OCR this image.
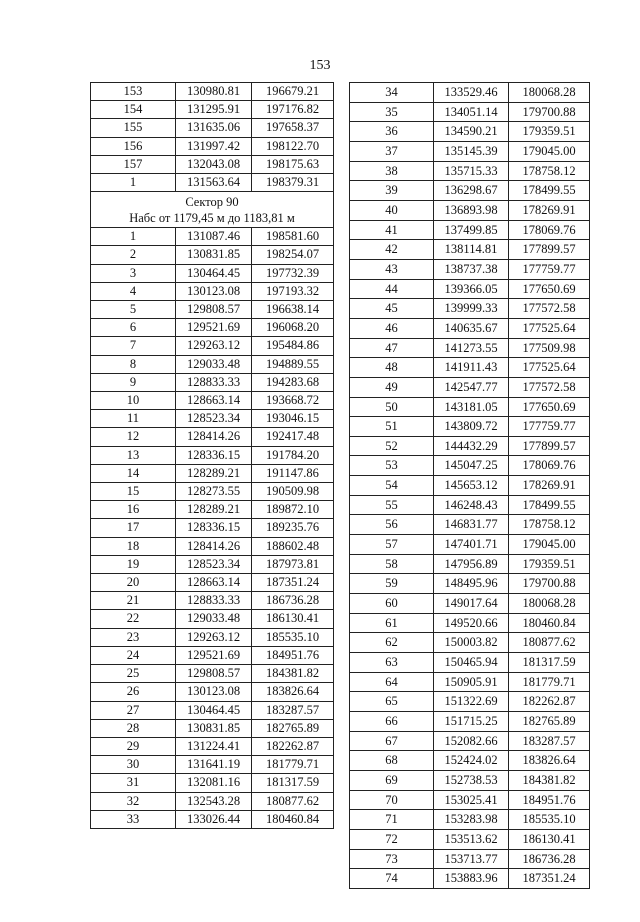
153
153	130980.81	196679.21
154	131295.91	197176.82
155	131635.06	197658.37
156	131997.42	198122.70
157	132043.08	198175.63
1	131563.64	198379.31

Сектор 90
Набс от 1179,45 м до 1183,81 м		

1	131087.46	198581.60
2	130831.85	198254.07
3	130464.45	197732.39
4	130123.08	197193.32
5	129808.57	196638.14
6	129521.69	196068.20
7	129263.12	195484.86
8	129033.48	194889.55
9	128833.33	194283.68
10	128663.14	193668.72
11	128523.34	193046.15
12	128414.26	192417.48
13	128336.15	191784.20
14	128289.21	191147.86
15	128273.55	190509.98
16	128289.21	189872.10
17	128336.15	189235.76
18	128414.26	188602.48
19	128523.34	187973.81
20	128663.14	187351.24
21	128833.33	186736.28
22	129033.48	186130.41
23	129263.12	185535.10
24	129521.69	184951.76
25	129808.57	184381.82
26	130123.08	183826.64
27	130464.45	183287.57
28	130831.85	182765.89
29	131224.41	182262.87
30	131641.19	181779.71
31	132081.16	181317.59
32	132543.28	180877.62
33	133026.44	180460.84
34	133529.46	180068.28
35	134051.14	179700.88
36	134590.21	179359.51
37	135145.39	179045.00
38	135715.33	178758.12
39	136298.67	178499.55
40	136893.98	178269.91
41	137499.85	178069.76
42	138114.81	177899.57
43	138737.38	177759.77
44	139366.05	177650.69
45	139999.33	177572.58
46	140635.67	177525.64
47	141273.55	177509.98
48	141911.43	177525.64
49	142547.77	177572.58
50	143181.05	177650.69
51	143809.72	177759.77
52	144432.29	177899.57
53	145047.25	178069.76
54	145653.12	178269.91
55	146248.43	178499.55
56	146831.77	178758.12
57	147401.71	179045.00
58	147956.89	179359.51
59	148495.96	179700.88
60	149017.64	180068.28
61	149520.66	180460.84
62	150003.82	180877.62
63	150465.94	181317.59
64	150905.91	181779.71
65	151322.69	182262.87
66	151715.25	182765.89
67	152082.66	183287.57
68	152424.02	183826.64
69	152738.53	184381.82
70	153025.41	184951.76
71	153283.98	185535.10
72	153513.62	186130.41
73	153713.77	186736.28
74	153883.96	187351.24
